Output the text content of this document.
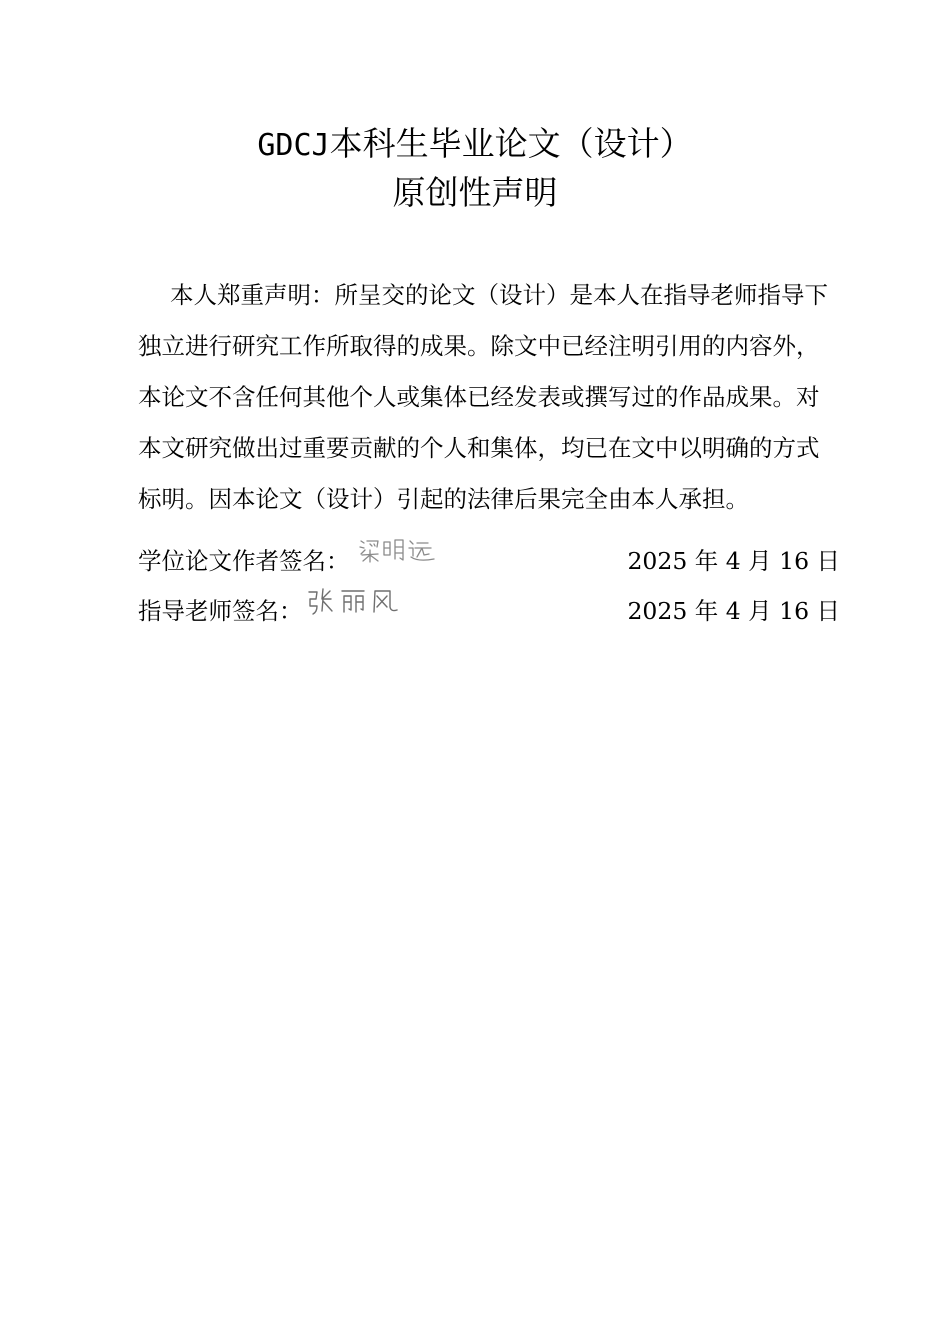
GDCJ本科生毕业论文（设计）
原创性声明
本人郑重声明：所呈交的论文（设计）是本人在指导老师指导下
独立进行研究工作所取得的成果。除文中已经注明引用的内容外，
本论文不含任何其他个人或集体已经发表或撰写过的作品成果。对
本文研究做出过重要贡献的个人和集体，均已在文中以明确的方式
标明。因本论文（设计）引起的法律后果完全由本人承担。
学位论文作者签名：	2025 年 4 月 16 日
指导老师签名：	2025 年 4 月 16 日
